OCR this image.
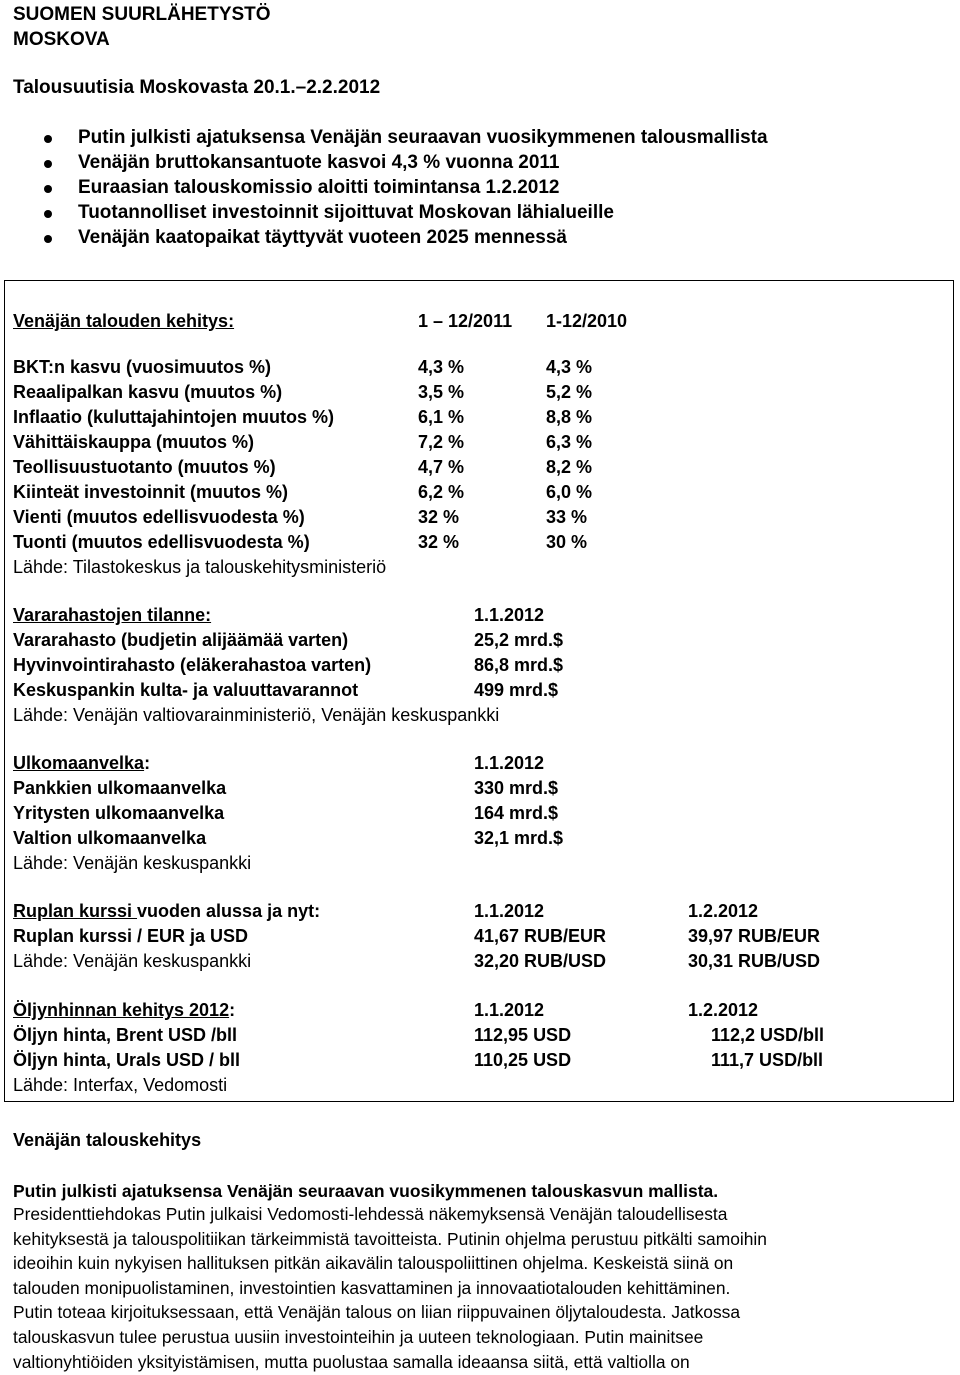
SUOMEN SUURLÄHETYSTÖ
MOSKOVA
Talousuutisia Moskovasta 20.1.–2.2.2012
Putin julkisti ajatuksensa Venäjän seuraavan vuosikymmenen talousmallista
Venäjän bruttokansantuote kasvoi 4,3 % vuonna 2011
Euraasian talouskomissio aloitti toimintansa 1.2.2012
Tuotannolliset investoinnit sijoittuvat Moskovan lähialueille
Venäjän kaatopaikat täyttyvät vuoteen 2025 mennessä
Venäjän talouden kehitys:	1 – 12/2011 1-12/2010
BKT:n kasvu (vuosimuutos %)	4,3 %	4,3 %
Reaalipalkan kasvu (muutos %)	3,5 %	5,2 %
Inflaatio (kuluttajahintojen muutos %)	6,1 %	8,8 %
Vähittäiskauppa (muutos %)	7,2 %	6,3 %
Teollisuustuotanto (muutos %)	4,7 %	8,2 %
Kiinteät investoinnit (muutos %)	6,2 %	6,0 %
Vienti (muutos edellisvuodesta %)	32 %	33 %
Tuonti (muutos edellisvuodesta %)	32 %	30 %
Lähde: Tilastokeskus ja talouskehitysministeriö
Vararahastojen tilanne:	1.1.2012
Vararahasto (budjetin alijäämää varten)	25,2 mrd.$
Hyvinvointirahasto (eläkerahastoa varten)	86,8 mrd.$
Keskuspankin kulta- ja valuuttavarannot	499 mrd.$
Lähde: Venäjän valtiovarainministeriö, Venäjän keskuspankki
Ulkomaanvelka:	1.1.2012
Pankkien ulkomaanvelka	330 mrd.$
Yritysten ulkomaanvelka	164 mrd.$
Valtion ulkomaanvelka	32,1 mrd.$
Lähde: Venäjän keskuspankki
Ruplan kurssi vuoden alussa ja nyt:	1.1.2012	1.2.2012
Ruplan kurssi / EUR ja USD	41,67 RUB/EUR	39,97 RUB/EUR
Lähde: Venäjän keskuspankki	32,20 RUB/USD	30,31 RUB/USD
Öljynhinnan kehitys 2012:	1.1.2012	1.2.2012
Öljyn hinta, Brent USD /bll	112,95 USD	112,2 USD/bll
Öljyn hinta, Urals USD / bll	110,25 USD	111,7 USD/bll
Lähde: Interfax, Vedomosti
Venäjän talouskehitys
Putin julkisti ajatuksensa Venäjän seuraavan vuosikymmenen talouskasvun mallista.
Presidenttiehdokas Putin julkaisi Vedomosti-lehdessä näkemyksensä Venäjän taloudellisesta
kehityksestä ja talouspolitiikan tärkeimmistä tavoitteista. Putinin ohjelma perustuu pitkälti samoihin
ideoihin kuin nykyisen hallituksen pitkän aikavälin talouspoliittinen ohjelma. Keskeistä siinä on
talouden monipuolistaminen, investointien kasvattaminen ja innovaatiotalouden kehittäminen.
Putin toteaa kirjoituksessaan, että Venäjän talous on liian riippuvainen öljytaloudesta. Jatkossa
talouskasvun tulee perustua uusiin investointeihin ja uuteen teknologiaan. Putin mainitsee
valtionyhtiöiden yksityistämisen, mutta puolustaa samalla ideaansa siitä, että valtiolla on
